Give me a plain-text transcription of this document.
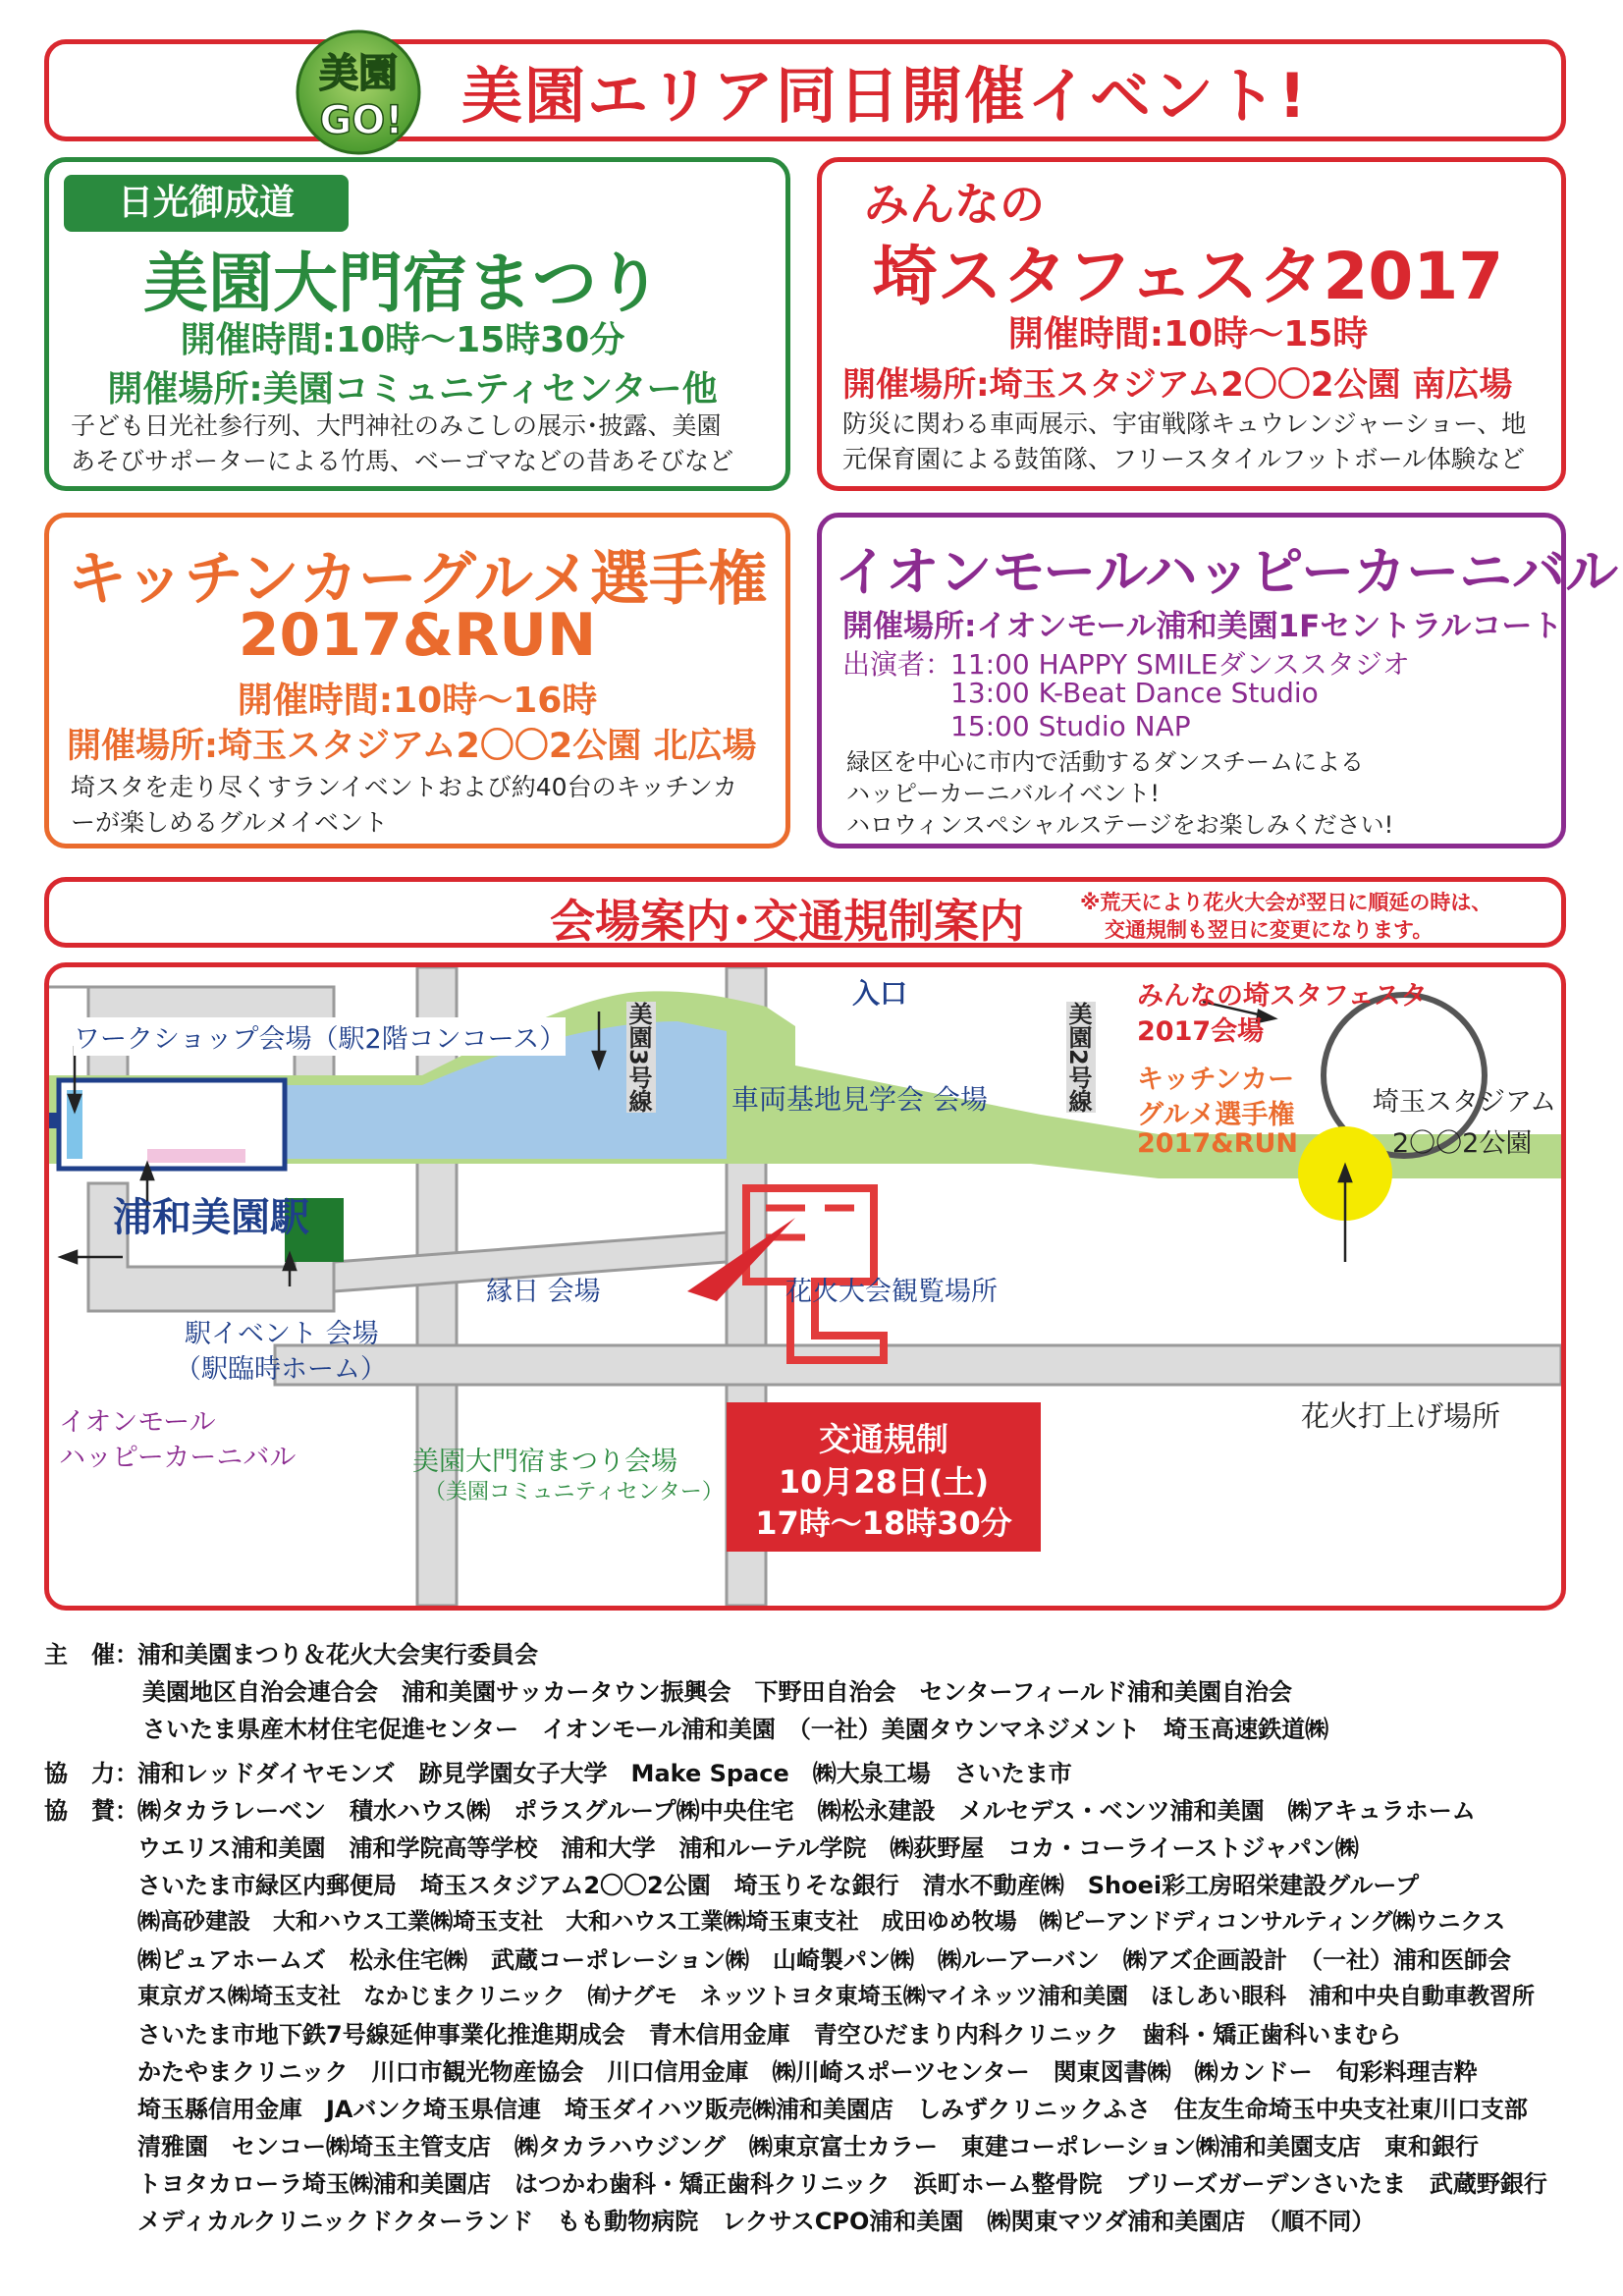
美園
GO! 美園エリア同日開催イベント!
日光御成道
美園大門宿まつり
開催時間:10時〜15時30分
開催場所:美園コミュニティセンター他
子ども日光社参行列、大門神社のみこしの展示･披露、美園
あそびサポーターによる竹馬、ベーゴマなどの昔あそびなど
みんなの
埼スタフェスタ2017
開催時間:10時〜15時
開催場所:埼玉スタジアム2〇〇2公園 南広場
防災に関わる車両展示、宇宙戦隊キュウレンジャーショー、地
元保育園による鼓笛隊、フリースタイルフットボール体験など
キッチンカーグルメ選手権
2017&RUN
開催時間:10時〜16時
開催場所:埼玉スタジアム2〇〇2公園 北広場
埼スタを走り尽くすランイベントおよび約40台のキッチンカ
ーが楽しめるグルメイベント
イオンモールハッピーカーニバル
開催場所:イオンモール浦和美園1Fセントラルコート
出演者：
11:00 HAPPY SMILEダンススタジオ
13:00 K-Beat Dance Studio
15:00 Studio NAP
緑区を中心に市内で活動するダンスチームによる
ハッピーカーニバルイベント!
ハロウィンスペシャルステージをお楽しみください!
会場案内･交通規制案内	※荒天により花火大会が翌日に順延の時は、
交通規制も翌日に変更になります。
入口
美園3号線	美園2号線
ワークショップ会場（駅2階コンコース）
浦和美園駅
車両基地見学会 会場
縁日 会場	花火大会観覧場所
駅イベント 会場
（駅臨時ホーム）
イオンモール
ハッピーカーニバル	美園大門宿まつり会場
（美園コミュニティセンター）
みんなの埼スタフェスタ
2017会場
キッチンカー
グルメ選手権
2017&RUN
埼玉スタジアム
2〇〇2公園
花火打上げ場所
交通規制
10月28日(土)
17時〜18時30分
主　催： 浦和美園まつり＆花火大会実行委員会
美園地区自治会連合会　浦和美園サッカータウン振興会　下野田自治会　センターフィールド浦和美園自治会
さいたま県産木材住宅促進センター　イオンモール浦和美園　（一社）美園タウンマネジメント　埼玉高速鉄道㈱
協　力： 浦和レッドダイヤモンズ　跡見学園女子大学　Make Space　㈱大泉工場　さいたま市
協　賛： ㈱タカラレーベン　積水ハウス㈱　ポラスグループ㈱中央住宅　㈱松永建設　メルセデス・ベンツ浦和美園　㈱アキュラホーム
ウエリス浦和美園　浦和学院高等学校　浦和大学　浦和ルーテル学院　㈱荻野屋　コカ・コーライーストジャパン㈱
さいたま市緑区内郵便局　埼玉スタジアム2〇〇2公園　埼玉りそな銀行　清水不動産㈱　Shoei彩工房昭栄建設グループ
㈱高砂建設　大和ハウス工業㈱埼玉支社　大和ハウス工業㈱埼玉東支社　成田ゆめ牧場　㈱ピーアンドディコンサルティング㈱ウニクス
㈱ピュアホームズ　松永住宅㈱　武蔵コーポレーション㈱　山崎製パン㈱　㈱ルーアーバン　㈱アズ企画設計　（一社）浦和医師会
東京ガス㈱埼玉支社　なかじまクリニック　㈲ナグモ　ネッツトヨタ東埼玉㈱マイネッツ浦和美園　ほしあい眼科　浦和中央自動車教習所
さいたま市地下鉄7号線延伸事業化推進期成会　青木信用金庫　青空ひだまり内科クリニック　歯科・矯正歯科いまむら
かたやまクリニック　川口市観光物産協会　川口信用金庫　㈱川崎スポーツセンター　関東図書㈱　㈱カンドー　旬彩料理吉粋
埼玉縣信用金庫　JAバンク埼玉県信連　埼玉ダイハツ販売㈱浦和美園店　しみずクリニックふさ　住友生命埼玉中央支社東川口支部
清雅園　センコー㈱埼玉主管支店　㈱タカラハウジング　㈱東京富士カラー　東建コーポレーション㈱浦和美園支店　東和銀行
トヨタカローラ埼玉㈱浦和美園店　はつかわ歯科・矯正歯科クリニック　浜町ホーム整骨院　ブリーズガーデンさいたま　武蔵野銀行
メディカルクリニックドクターランド　もも動物病院　レクサスCPO浦和美園　㈱関東マツダ浦和美園店　（順不同）
